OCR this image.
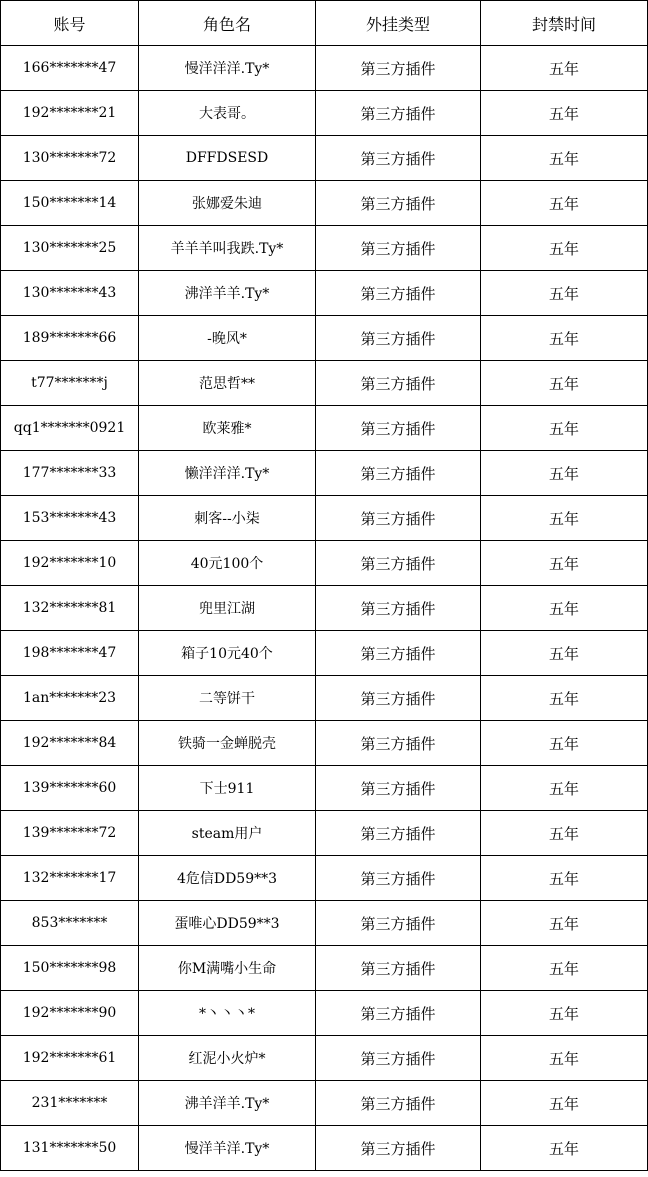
账号	角色名	外挂类型	封禁时间
166*******47	慢洋洋洋.Ty*	第三方插件	五年
192*******21	大表哥。	第三方插件	五年
130*******72	DFFDSESD	第三方插件	五年
150*******14	张娜爱朱迪	第三方插件	五年
130*******25	羊羊羊叫我跌.Ty*	第三方插件	五年
130*******43	沸洋羊羊.Ty*	第三方插件	五年
189*******66	-晚风*	第三方插件	五年
t77*******j	范思哲**	第三方插件	五年
qq1*******0921	欧莱雅*	第三方插件	五年
177*******33	懒洋洋洋.Ty*	第三方插件	五年
153*******43	刺客--小柒	第三方插件	五年
192*******10	40元100个	第三方插件	五年
132*******81	兜里江湖	第三方插件	五年
198*******47	箱子10元40个	第三方插件	五年
1an*******23	二等饼干	第三方插件	五年
192*******84	铁骑一金蝉脱壳	第三方插件	五年
139*******60	下士911	第三方插件	五年
139*******72	steam用户	第三方插件	五年
132*******17	4危信DD59**3	第三方插件	五年
853*******	蛋唯心DD59**3	第三方插件	五年
150*******98	你M满嘴小生命	第三方插件	五年
192*******90	*丶丶丶*	第三方插件	五年
192*******61	红泥小火炉*	第三方插件	五年
231*******	沸羊洋羊.Ty*	第三方插件	五年
131*******50	慢洋羊洋.Ty*	第三方插件	五年
